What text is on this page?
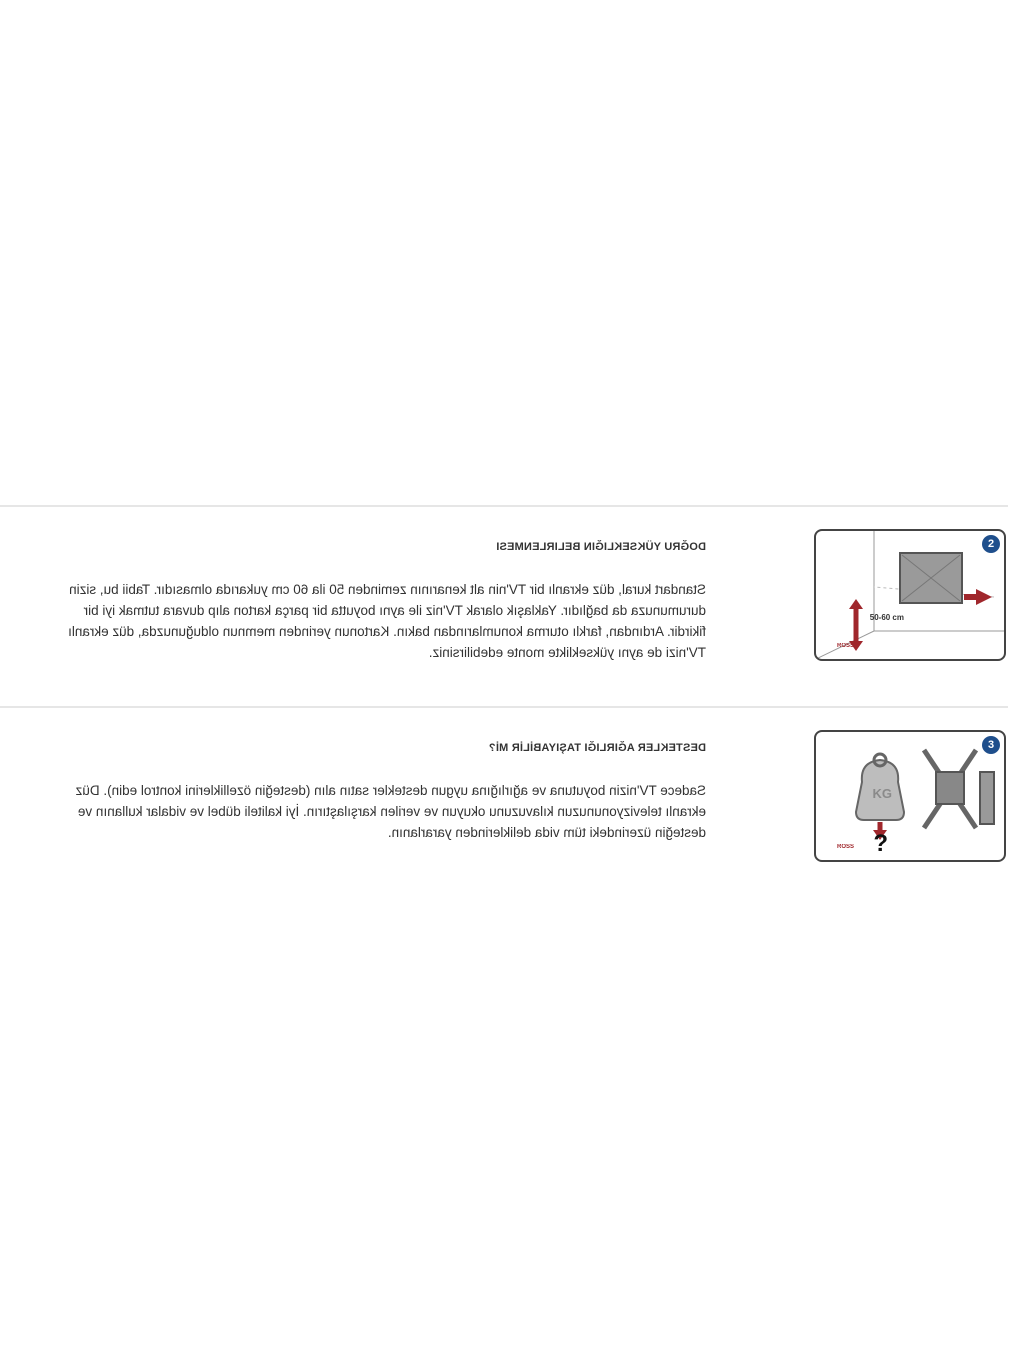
2
50-60 cm
ROSS

DOĞRU YÜKSEKLIĞIN BELIRLENMESI

Standart kural, düz ekranlı bir TV'nin alt kenarının zeminden 50 ila 60 cm yukarıda olmasıdır. Tabii bu, sizin durumunuza da bağlıdır. Yaklaşık olarak TV'niz ile aynı boyutta bir parça karton alıp duvara tutmak iyi bir fikirdir. Ardından, farklı oturma konumlarından bakın. Kartonun yerinden memnun olduğunuzda, düz ekranlı TV'nizi de aynı yükseklikte monte edebilirsiniz.

3
KG
?
ROSS

DESTEKLER AĞIRLIĞI TAŞIYABİLİR Mİ?

Sadece TV'nizin boyutuna ve ağırlığına uygun destekler satın alın (desteğin özelliklerini kontrol edin). Düz ekranlı televizyonunuzun kılavuzunu okuyun ve verilen karşılaştırın. İyi kaliteli dübel ve vidalar kullanın ve desteğin üzerindeki tüm vida deliklerinden yararlanın.
